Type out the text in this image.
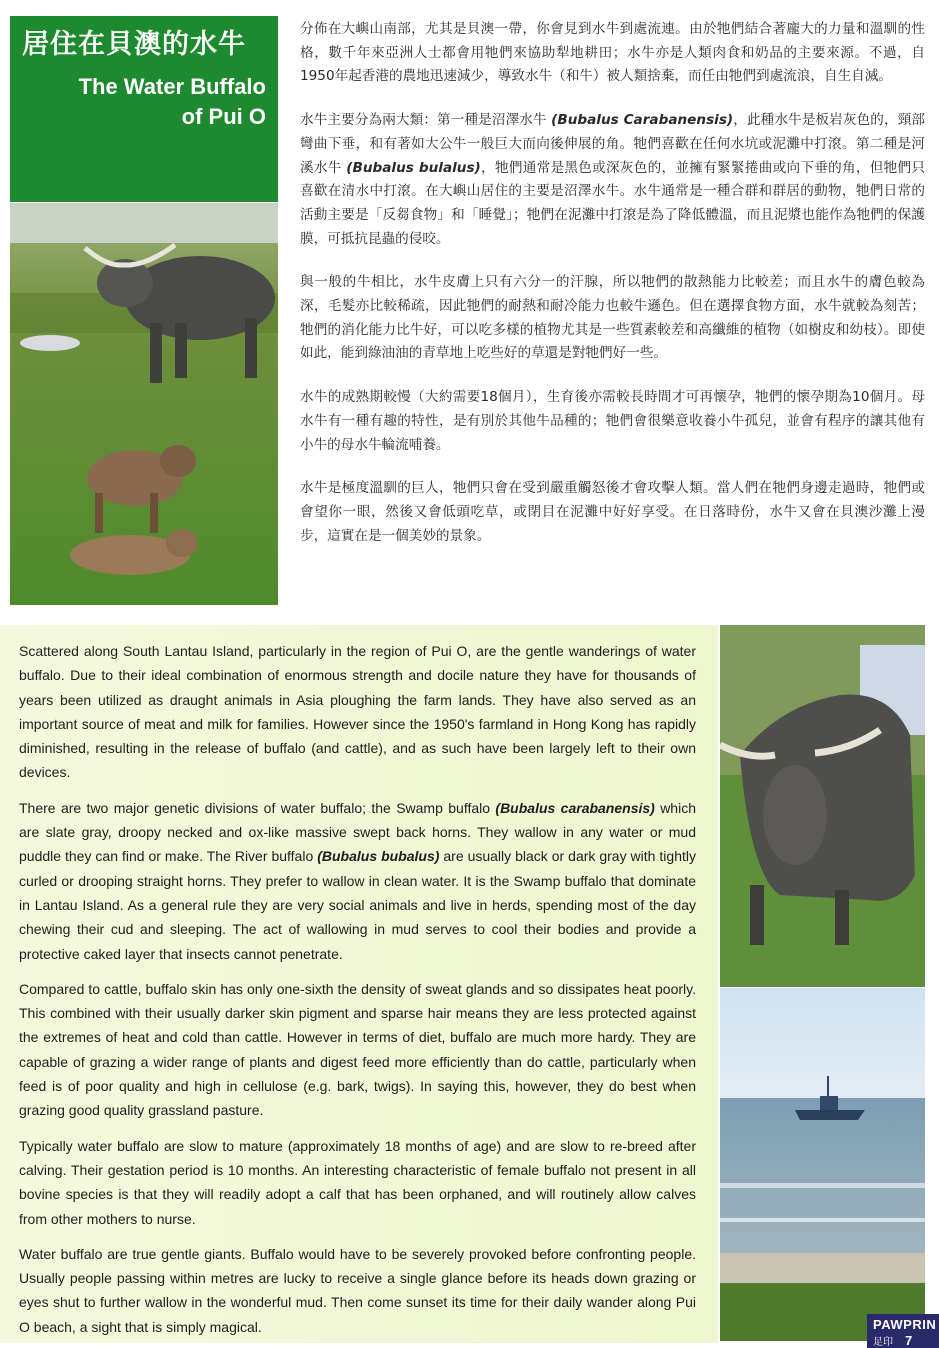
居住在貝澳的水牛
The Water Buffalo
of Pui O

分佈在大嶼山南部，尤其是貝澳一帶，你會見到水牛到處流連。由於牠們結合著龐大的力量和溫馴的性格，數千年來亞洲人士都會用牠們來協助犁地耕田；水牛亦是人類肉食和奶品的主要來源。不過，自1950年起香港的農地迅速減少，導致水牛（和牛）被人類捨棄，而任由牠們到處流浪，自生自滅。

水牛主要分為兩大類：第一種是沼澤水牛 (Bubalus Carabanensis)，此種水牛是板岩灰色的，頸部彎曲下垂，和有著如大公牛一般巨大而向後伸展的角。牠們喜歡在任何水坑或泥灘中打滾。第二種是河溪水牛 (Bubalus bulalus)，牠們通常是黑色或深灰色的，並擁有緊緊捲曲或向下垂的角，但牠們只喜歡在清水中打滾。在大嶼山居住的主要是沼澤水牛。水牛通常是一種合群和群居的動物，牠們日常的活動主要是「反芻食物」和「睡覺」；牠們在泥灘中打滾是為了降低體溫，而且泥漿也能作為牠們的保護膜，可抵抗昆蟲的侵咬。

與一般的牛相比，水牛皮膚上只有六分一的汗腺，所以牠們的散熱能力比較差；而且水牛的膚色較為深，毛髮亦比較稀疏，因此牠們的耐熱和耐冷能力也較牛遜色。但在選擇食物方面，水牛就較為刻苦；牠們的消化能力比牛好，可以吃多樣的植物尤其是一些質素較差和高纖維的植物（如樹皮和幼枝）。即使如此，能到綠油油的青草地上吃些好的草還是對牠們好一些。

水牛的成熟期較慢（大約需要18個月），生育後亦需較長時間才可再懷孕，牠們的懷孕期為10個月。母水牛有一種有趣的特性，是有別於其他牛品種的；牠們會很樂意收養小牛孤兒，並會有程序的讓其他有小牛的母水牛輪流哺養。

水牛是極度溫馴的巨人，牠們只會在受到嚴重觸怒後才會攻擊人類。當人們在牠們身邊走過時，牠們或會望你一眼，然後又會低頭吃草，或閉目在泥灘中好好享受。在日落時份，水牛又會在貝澳沙灘上漫步，這實在是一個美妙的景象。

Scattered along South Lantau Island, particularly in the region of Pui O, are the gentle wanderings of water buffalo. Due to their ideal combination of enormous strength and docile nature they have for thousands of years been utilized as draught animals in Asia ploughing the farm lands. They have also served as an important source of meat and milk for families. However since the 1950's farmland in Hong Kong has rapidly diminished, resulting in the release of buffalo (and cattle), and as such have been largely left to their own devices.

There are two major genetic divisions of water buffalo; the Swamp buffalo (Bubalus carabanensis) which are slate gray, droopy necked and ox-like massive swept back horns. They wallow in any water or mud puddle they can find or make. The River buffalo (Bubalus bubalus) are usually black or dark gray with tightly curled or drooping straight horns. They prefer to wallow in clean water. It is the Swamp buffalo that dominate in Lantau Island. As a general rule they are very social animals and live in herds, spending most of the day chewing their cud and sleeping. The act of wallowing in mud serves to cool their bodies and provide a protective caked layer that insects cannot penetrate.

Compared to cattle, buffalo skin has only one-sixth the density of sweat glands and so dissipates heat poorly. This combined with their usually darker skin pigment and sparse hair means they are less protected against the extremes of heat and cold than cattle. However in terms of diet, buffalo are much more hardy. They are capable of grazing a wider range of plants and digest feed more efficiently than do cattle, particularly when feed is of poor quality and high in cellulose (e.g. bark, twigs). In saying this, however, they do best when grazing good quality grassland pasture.

Typically water buffalo are slow to mature (approximately 18 months of age) and are slow to re-breed after calving. Their gestation period is 10 months. An interesting characteristic of female buffalo not present in all bovine species is that they will readily adopt a calf that has been orphaned, and will routinely allow calves from other mothers to nurse.

Water buffalo are true gentle giants. Buffalo would have to be severely provoked before confronting people. Usually people passing within metres are lucky to receive a single glance before its heads down grazing or eyes shut to further wallow in the wonderful mud. Then come sunset its time for their daily wander along Pui O beach, a sight that is simply magical.	PAWPRIN
足印 7
